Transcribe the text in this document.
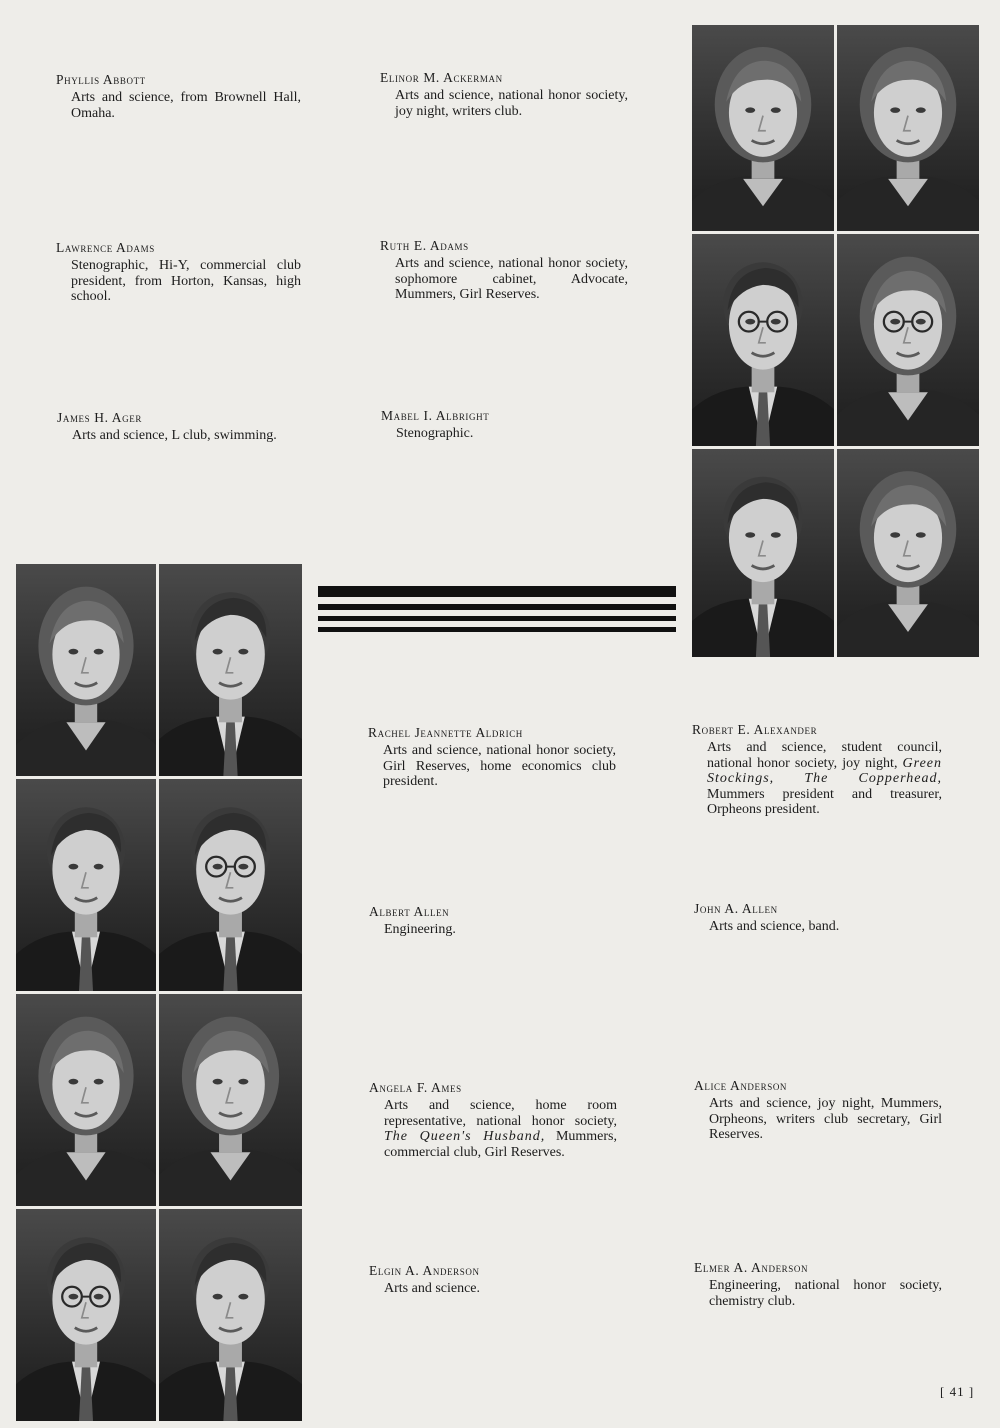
Phyllis Abbott
Arts and science, from Brownell Hall, Omaha.
Elinor M. Ackerman
Arts and science, national honor society, joy night, writers club.
Lawrence Adams
Stenographic, Hi-Y, commercial club president, from Horton, Kansas, high school.
Ruth E. Adams
Arts and science, national honor society, sophomore cabinet, Advocate, Mummers, Girl Reserves.
James H. Ager
Arts and science, L club, swimming.
Mabel I. Albright
Stenographic.
Rachel Jeannette Aldrich
Arts and science, national honor society, Girl Reserves, home economics club president.
Robert E. Alexander
Arts and science, student council, national honor society, joy night, Green Stockings, The Copperhead, Mummers president and treasurer, Orpheons president.
Albert Allen
Engineering.
John A. Allen
Arts and science, band.
Angela F. Ames
Arts and science, home room representative, national honor society, The Queen's Husband, Mummers, commercial club, Girl Reserves.
Alice Anderson
Arts and science, joy night, Mummers, Orpheons, writers club secretary, Girl Reserves.
Elgin A. Anderson
Arts and science.
Elmer A. Anderson
Engineering, national honor society, chemistry club.
[ 41 ]
